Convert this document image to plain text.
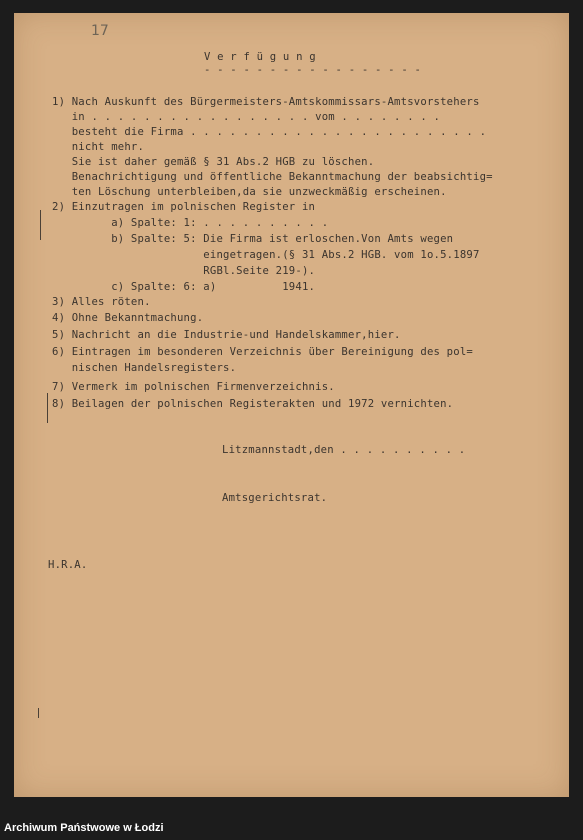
17
V e r f ü g u n g
- - - - - - - - - - - - - - - - -
1) Nach Auskunft des Bürgermeisters-Amtskommissars-Amtsvorstehers
in . . . . . . . . . . . . . . . . . vom . . . . . . . .
besteht die Firma . . . . . . . . . . . . . . . . . . . . . . .
nicht mehr.
Sie ist daher gemäß § 31 Abs.2 HGB zu löschen.
Benachrichtigung und öffentliche Bekanntmachung der beabsichtig=
ten Löschung unterbleiben,da sie unzweckmäßig erscheinen.
2) Einzutragen im polnischen Register in
a) Spalte: 1: . . . . . . . . . .
b) Spalte: 5: Die Firma ist erloschen.Von Amts wegen
eingetragen.(§ 31 Abs.2 HGB. vom 1o.5.1897
RGBl.Seite 219-).
c) Spalte: 6: a)          1941.
3) Alles röten.
4) Ohne Bekanntmachung.
5) Nachricht an die Industrie-und Handelskammer,hier.
6) Eintragen im besonderen Verzeichnis über Bereinigung des pol=
nischen Handelsregisters.
7) Vermerk im polnischen Firmenverzeichnis.
8) Beilagen der polnischen Registerakten und 1972 vernichten.
Litzmannstadt,den . . . . . . . . . .
Amtsgerichtsrat.
H.R.A.
Archiwum Państwowe w Łodzi
